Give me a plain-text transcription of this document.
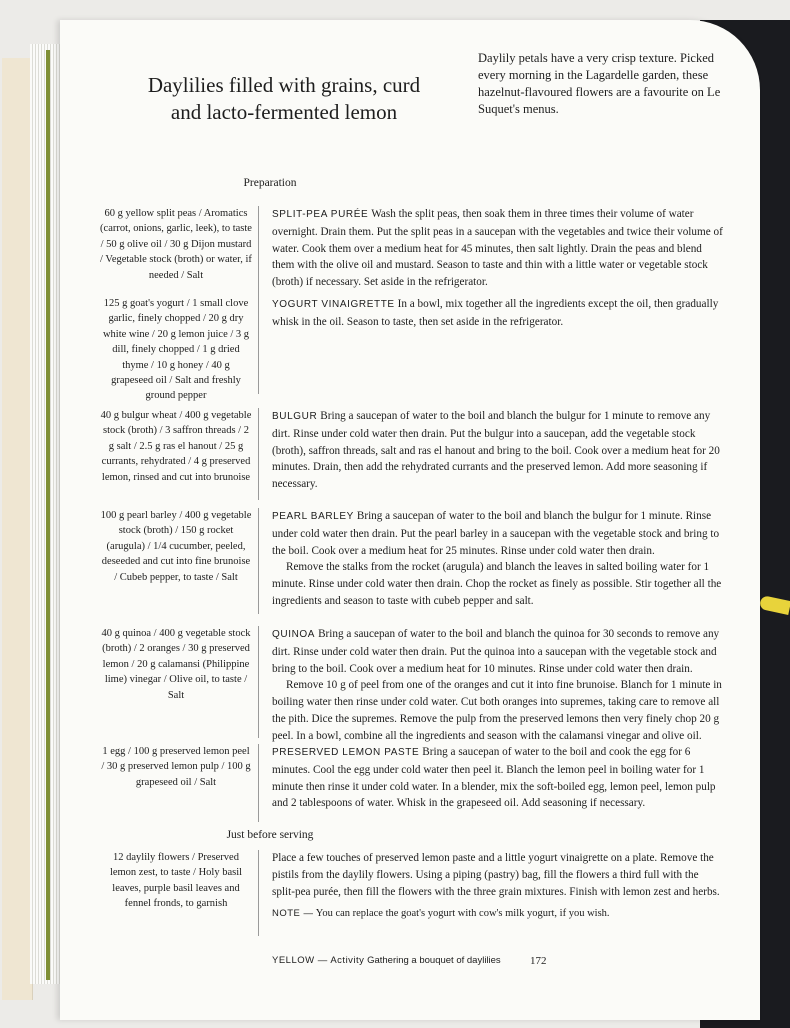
Daylilies filled with grains, curd and lacto-fermented lemon

Daylily petals have a very crisp texture. Picked every morning in the Lagardelle garden, these hazelnut-flavoured flowers are a favourite on Le Suquet's menus.

Preparation
60 g yellow split peas / Aromatics (carrot, onions, garlic, leek), to taste / 50 g olive oil / 30 g Dijon mustard / Vegetable stock (broth) or water, if needed / Salt

SPLIT-PEA PURÉE Wash the split peas, then soak them in three times their volume of water overnight. Drain them. Put the split peas in a saucepan with the vegetables and twice their volume of water. Cook them over a medium heat for 45 minutes, then salt lightly. Drain the peas and blend them with the olive oil and mustard. Season to taste and thin with a little water or vegetable stock (broth) if necessary. Set aside in the refrigerator.

125 g goat's yogurt / 1 small clove garlic, finely chopped / 20 g dry white wine / 20 g lemon juice / 3 g dill, finely chopped / 1 g dried thyme / 10 g honey / 40 g grapeseed oil / Salt and freshly ground pepper

YOGURT VINAIGRETTE In a bowl, mix together all the ingredients except the oil, then gradually whisk in the oil. Season to taste, then set aside in the refrigerator.

40 g bulgur wheat / 400 g vegetable stock (broth) / 3 saffron threads / 2 g salt / 2.5 g ras el hanout / 25 g currants, rehydrated / 4 g preserved lemon, rinsed and cut into brunoise

BULGUR Bring a saucepan of water to the boil and blanch the bulgur for 1 minute to remove any dirt. Rinse under cold water then drain. Put the bulgur into a saucepan, add the vegetable stock (broth), saffron threads, salt and ras el hanout and bring to the boil. Cook over a medium heat for 20 minutes. Drain, then add the rehydrated currants and the preserved lemon. Add more seasoning if necessary.

100 g pearl barley / 400 g vegetable stock (broth) / 150 g rocket (arugula) / 1/4 cucumber, peeled, deseeded and cut into fine brunoise / Cubeb pepper, to taste / Salt

PEARL BARLEY Bring a saucepan of water to the boil and blanch the bulgur for 1 minute. Rinse under cold water then drain. Put the pearl barley in a saucepan with the vegetable stock and bring to the boil. Cook over a medium heat for 25 minutes. Rinse under cold water then drain.

Remove the stalks from the rocket (arugula) and blanch the leaves in salted boiling water for 1 minute. Rinse under cold water then drain. Chop the rocket as finely as possible. Stir together all the ingredients and season to taste with cubeb pepper and salt.

40 g quinoa / 400 g vegetable stock (broth) / 2 oranges / 30 g preserved lemon / 20 g calamansi (Philippine lime) vinegar / Olive oil, to taste / Salt

QUINOA Bring a saucepan of water to the boil and blanch the quinoa for 30 seconds to remove any dirt. Rinse under cold water then drain. Put the quinoa into a saucepan with the vegetable stock and bring to the boil. Cook over a medium heat for 10 minutes. Rinse under cold water then drain.

Remove 10 g of peel from one of the oranges and cut it into fine brunoise. Blanch for 1 minute in boiling water then rinse under cold water. Cut both oranges into supremes, taking care to remove all the pith. Dice the supremes. Remove the pulp from the preserved lemons then very finely chop 20 g peel. In a bowl, combine all the ingredients and season with the calamansi vinegar and olive oil.

1 egg / 100 g preserved lemon peel / 30 g preserved lemon pulp / 100 g grapeseed oil / Salt

PRESERVED LEMON PASTE Bring a saucepan of water to the boil and cook the egg for 6 minutes. Cool the egg under cold water then peel it. Blanch the lemon peel in boiling water for 1 minute then rinse it under cold water. In a blender, mix the soft-boiled egg, lemon peel, lemon pulp and 2 tablespoons of water. Whisk in the grapeseed oil. Add seasoning if necessary.

Just before serving
12 daylily flowers / Preserved lemon zest, to taste / Holy basil leaves, purple basil leaves and fennel fronds, to garnish

Place a few touches of preserved lemon paste and a little yogurt vinaigrette on a plate. Remove the pistils from the daylily flowers. Using a piping (pastry) bag, fill the flowers a third full with the split-pea purée, then fill the flowers with the three grain mixtures. Finish with lemon zest and herbs.

NOTE — You can replace the goat's yogurt with cow's milk yogurt, if you wish.

YELLOW — Activity Gathering a bouquet of daylilies	172
